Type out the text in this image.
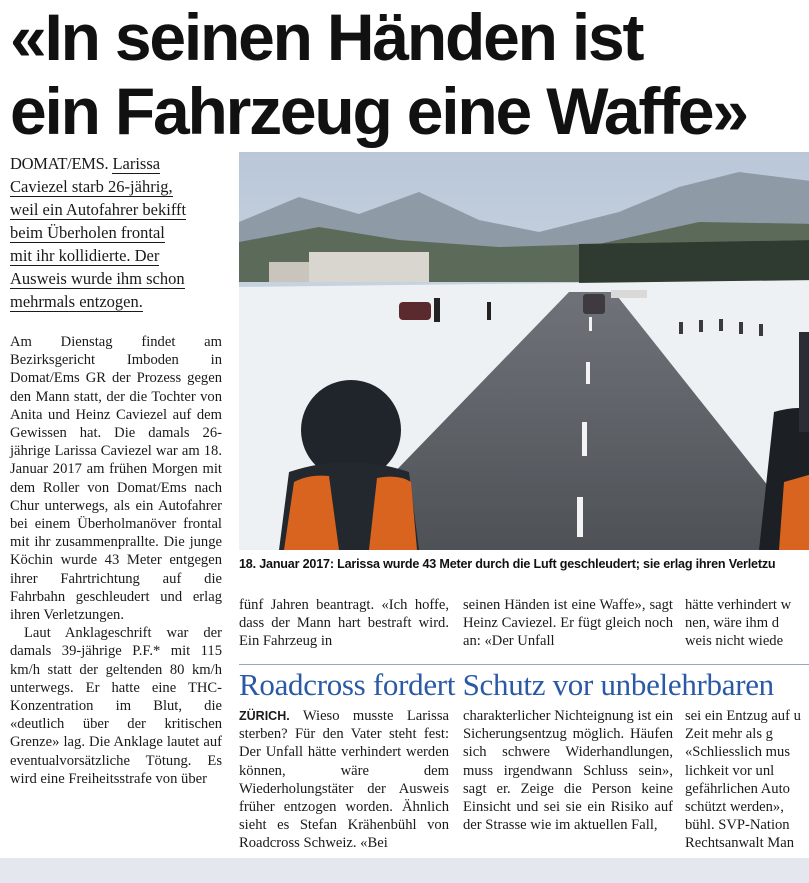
«In seinen Händen ist
ein Fahrzeug eine Waffe»
DOMAT/EMS. Larissa
Caviezel starb 26-jährig,
weil ein Autofahrer bekifft
beim Überholen frontal
mit ihr kollidierte. Der
Ausweis wurde ihm schon
mehrmals entzogen.

Am Dienstag findet am Bezirksgericht Imboden in Domat/Ems GR der Prozess gegen den Mann statt, der die Tochter von Anita und Heinz Caviezel auf dem Gewissen hat. Die damals 26-jährige Larissa Caviezel war am 18. Januar 2017 am frühen Morgen mit dem Roller von Domat/Ems nach Chur unterwegs, als ein Autofahrer bei einem Überholmanöver frontal mit ihr zusammenprallte. Die junge Köchin wurde 43 Meter entgegen ihrer Fahrtrichtung auf die Fahrbahn geschleudert und erlag ihren Verletzungen.

Laut Anklageschrift war der damals 39-jährige P.F.* mit 115 km/h statt der geltenden 80 km/h unterwegs. Er hatte eine THC-Konzentration im Blut, die «deutlich über der kritischen Grenze» lag. Die Anklage lautet auf eventualvorsätzliche Tötung. Es wird eine Freiheitsstrafe von über

18. Januar 2017: Larissa wurde 43 Meter durch die Luft geschleudert; sie erlag ihren Verletzu
fünf Jahren beantragt. «Ich hoffe, dass der Mann hart bestraft wird. Ein Fahrzeug in
seinen Händen ist eine Waffe», sagt Heinz Caviezel. Er fügt gleich noch an: «Der Unfall
hätte verhindert w
nen, wäre ihm d
weis nicht wiede
Roadcross fordert Schutz vor unbelehrbaren
ZÜRICH. Wieso musste Larissa sterben? Für den Vater steht fest: Der Unfall hätte verhindert werden können, wäre dem Wiederholungstäter der Ausweis früher entzogen worden. Ähnlich sieht es Stefan Krähenbühl von Roadcross Schweiz. «Bei
charakterlicher Nichteignung ist ein Sicherungsentzug möglich. Häufen sich schwere Widerhandlungen, muss irgendwann Schluss sein», sagt er. Zeige die Person keine Einsicht und sei sie ein Risiko auf der Strasse wie im aktuellen Fall,
sei ein Entzug auf u
Zeit mehr als g
«Schliesslich mus
lichkeit vor unl
gefährlichen Auto
schützt werden»,
bühl. SVP-Nation
Rechtsanwalt Man
